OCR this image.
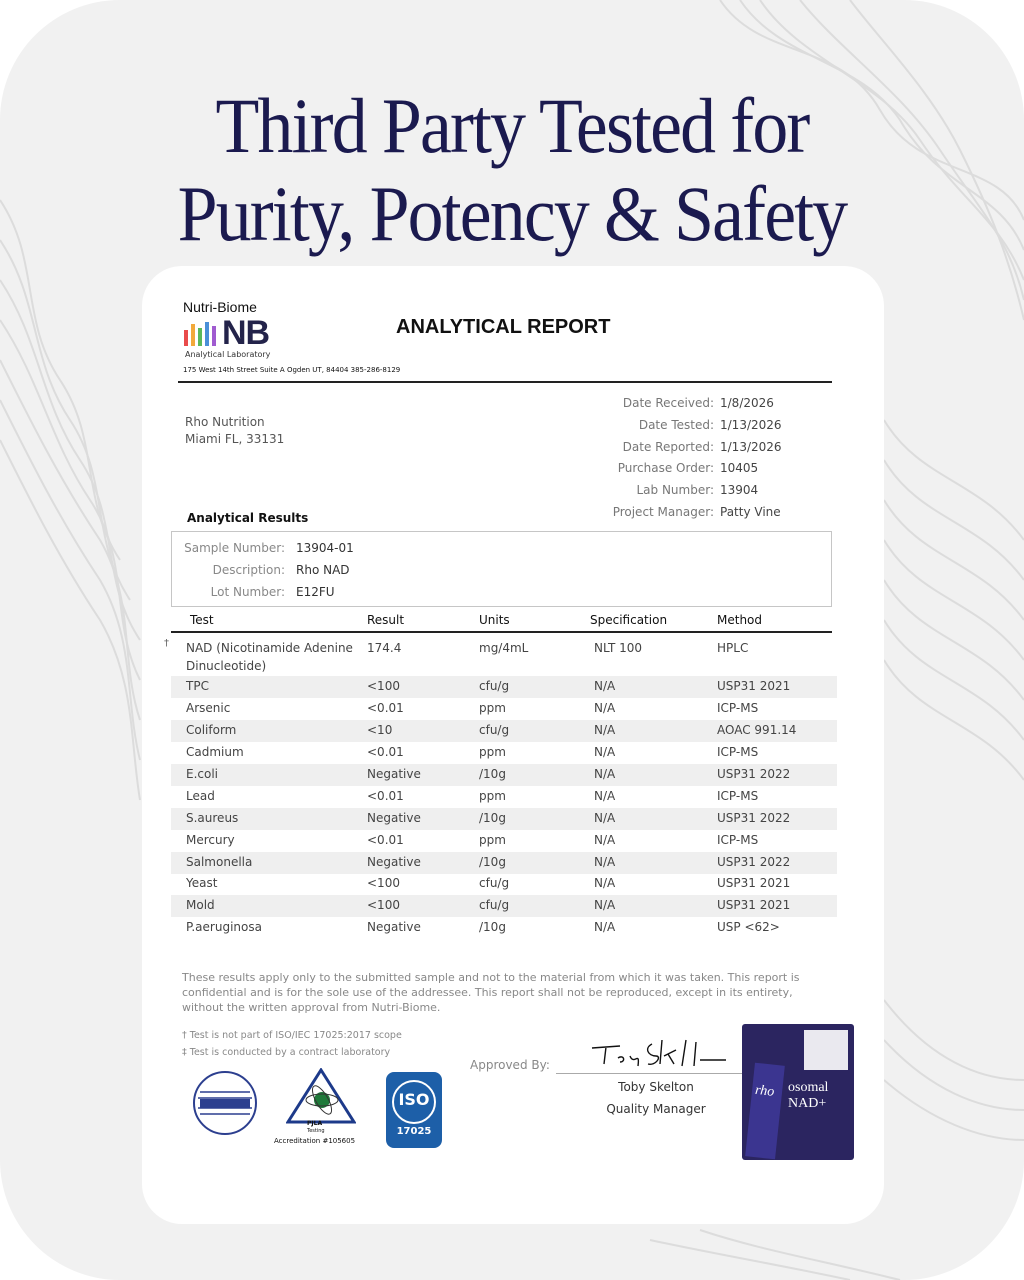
Third Party Tested for
Purity, Potency & Safety
Nutri-Biome
NB
Analytical Laboratory
175 West 14th Street Suite A Ogden UT, 84404 385-286-8129
ANALYTICAL REPORT
Rho Nutrition
Miami FL, 33131
Date Received: 1/8/2026
Date Tested: 1/13/2026
Date Reported: 1/13/2026
Purchase Order: 10405
Lab Number: 13904
Project Manager: Patty Vine
Analytical Results
Sample Number: 13904-01
Description: Rho NAD
Lot Number: E12FU
Test	Result	Units	Specification	Method
† NAD (Nicotinamide Adenine 174.4	mg/4mL	NLT 100	HPLC
Dinucleotide)
TPC	<100	cfu/g	N/A	USP31 2021
Arsenic	<0.01	ppm	N/A	ICP-MS
Coliform	<10	cfu/g	N/A	AOAC 991.14
Cadmium	<0.01	ppm	N/A	ICP-MS
E.coli	Negative	/10g	N/A	USP31 2022
Lead	<0.01	ppm	N/A	ICP-MS
S.aureus	Negative	/10g	N/A	USP31 2022
Mercury	<0.01	ppm	N/A	ICP-MS
Salmonella	Negative	/10g	N/A	USP31 2022
Yeast	<100	cfu/g	N/A	USP31 2021
Mold	<100	cfu/g	N/A	USP31 2021
P.aeruginosa	Negative	/10g	N/A	USP <62>
These results apply only to the submitted sample and not to the material from which it was taken. This report is confidential and is for the sole use of the addressee. This report shall not be reproduced, except in its entirety, without the written approval from Nutri-Biome.
† Test is not part of ISO/IEC 17025:2017 scope
‡ Test is conducted by a contract laboratory
Approved By:
Toby Skelton
Quality Manager
PJLA
Testing
Accreditation #105605
ISO
17025
osomal NAD+
rho
